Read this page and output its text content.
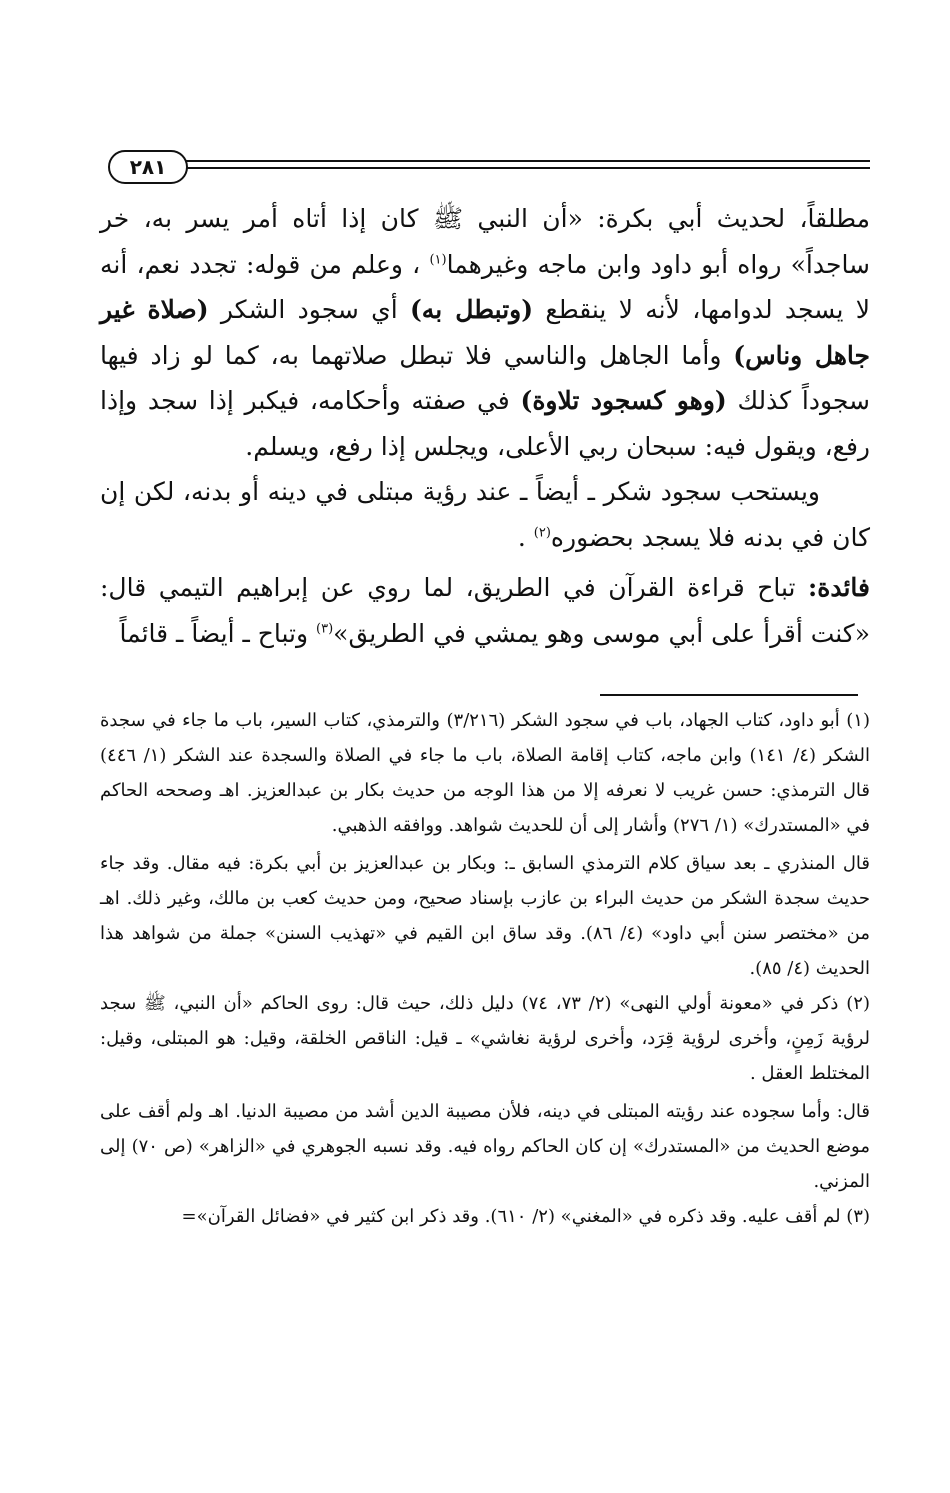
٢٨١

مطلقاً، لحديث أبي بكرة: «أن النبي ﷺ كان إذا أتاه أمر يسر به، خر ساجداً» رواه أبو داود وابن ماجه وغيرهما$^{(١)}$ ، وعلم من قوله: تجدد نعم، أنه لا يسجد لدوامها، لأنه لا ينقطع (وتبطل به) أي سجود الشكر (صلاة غير جاهل وناس) وأما الجاهل والناسي فلا تبطل صلاتهما به، كما لو زاد فيها سجوداً كذلك (وهو كسجود تلاوة) في صفته وأحكامه، فيكبر إذا سجد وإذا رفع، ويقول فيه: سبحان ربي الأعلى، ويجلس إذا رفع، ويسلم.

ويستحب سجود شكر ـ أيضاً ـ عند رؤية مبتلى في دينه أو بدنه، لكن إن كان في بدنه فلا يسجد بحضوره$^{(٢)}$ .

فائدة: تباح قراءة القرآن في الطريق، لما روي عن إبراهيم التيمي قال: «كنت أقرأ على أبي موسى وهو يمشي في الطريق»$^{(٣)}$ وتباح ـ أيضاً ـ قائماً

(١) أبو داود، كتاب الجهاد، باب في سجود الشكر (٣/٢١٦) والترمذي، كتاب السير، باب ما جاء في سجدة الشكر (٤/ ١٤١) وابن ماجه، كتاب إقامة الصلاة، باب ما جاء في الصلاة والسجدة عند الشكر (١/ ٤٤٦) قال الترمذي: حسن غريب لا نعرفه إلا من هذا الوجه من حديث بكار بن عبدالعزيز. اهـ وصححه الحاكم في «المستدرك» (١/ ٢٧٦) وأشار إلى أن للحديث شواهد. ووافقه الذهبي.

قال المنذري ـ بعد سياق كلام الترمذي السابق ـ: وبكار بن عبدالعزيز بن أبي بكرة: فيه مقال. وقد جاء حديث سجدة الشكر من حديث البراء بن عازب بإسناد صحيح، ومن حديث كعب بن مالك، وغير ذلك. اهـ من «مختصر سنن أبي داود» (٤/ ٨٦). وقد ساق ابن القيم في «تهذيب السنن» جملة من شواهد هذا الحديث (٤/ ٨٥).

(٢) ذكر في «معونة أولي النهى» (٢/ ٧٣، ٧٤) دليل ذلك، حيث قال: روى الحاكم «أن النبي، ﷺ سجد لرؤية زَمِنٍ، وأخرى لرؤية قِرَد، وأخرى لرؤية نغاشي» ـ قيل: الناقص الخلقة، وقيل: هو المبتلى، وقيل: المختلط العقل .

قال: وأما سجوده عند رؤيته المبتلى في دينه، فلأن مصيبة الدين أشد من مصيبة الدنيا. اهـ ولم أقف على موضع الحديث من «المستدرك» إن كان الحاكم رواه فيه. وقد نسبه الجوهري في «الزاهر» (ص ٧٠) إلى المزني.

(٣) لم أقف عليه. وقد ذكره في «المغني» (٢/ ٦١٠). وقد ذكر ابن كثير في «فضائل القرآن»=
